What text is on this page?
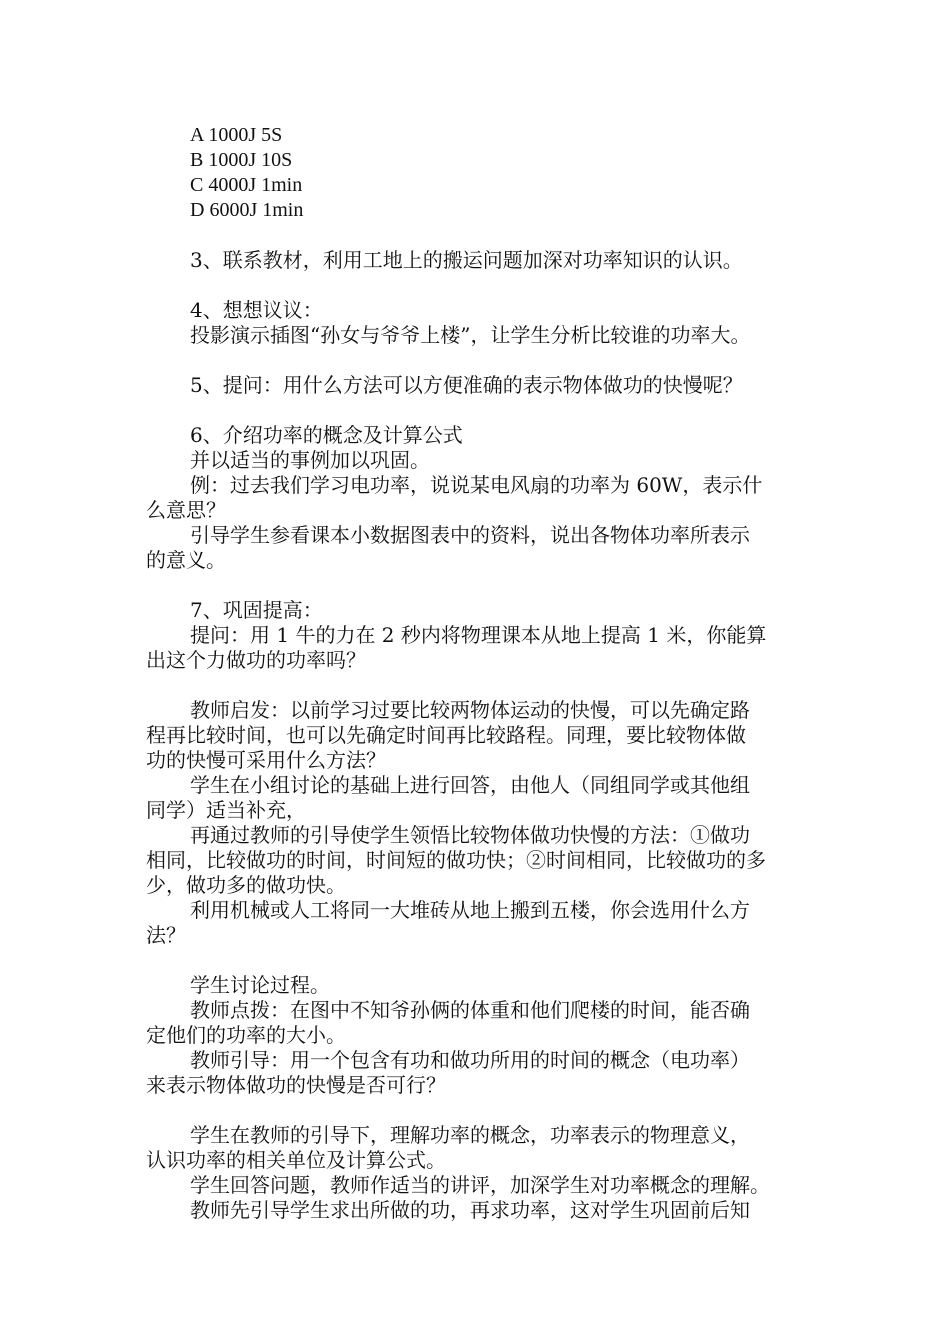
A 1000J 5S
B 1000J 10S
C 4000J 1min
D 6000J 1min
3、联系教材，利用工地上的搬运问题加深对功率知识的认识。
4、想想议议：
投影演示插图“孙女与爷爷上楼”，让学生分析比较谁的功率大。
5、提问：用什么方法可以方便准确的表示物体做功的快慢呢？
6、介绍功率的概念及计算公式
并以适当的事例加以巩固。
例：过去我们学习电功率，说说某电风扇的功率为 60W，表示什
么意思？
引导学生参看课本小数据图表中的资料，说出各物体功率所表示
的意义。
7、巩固提高：
提问：用 1 牛的力在 2 秒内将物理课本从地上提高 1 米，你能算
出这个力做功的功率吗？
教师启发：以前学习过要比较两物体运动的快慢，可以先确定路
程再比较时间，也可以先确定时间再比较路程。同理，要比较物体做
功的快慢可采用什么方法？
学生在小组讨论的基础上进行回答，由他人（同组同学或其他组
同学）适当补充，
再通过教师的引导使学生领悟比较物体做功快慢的方法：①做功
相同，比较做功的时间，时间短的做功快；②时间相同，比较做功的多
少，做功多的做功快。
利用机械或人工将同一大堆砖从地上搬到五楼，你会选用什么方
法？
学生讨论过程。
教师点拨：在图中不知爷孙俩的体重和他们爬楼的时间，能否确
定他们的功率的大小。
教师引导：用一个包含有功和做功所用的时间的概念（电功率）
来表示物体做功的快慢是否可行？
学生在教师的引导下，理解功率的概念，功率表示的物理意义，
认识功率的相关单位及计算公式。
学生回答问题，教师作适当的讲评，加深学生对功率概念的理解。
教师先引导学生求出所做的功，再求功率，这对学生巩固前后知
